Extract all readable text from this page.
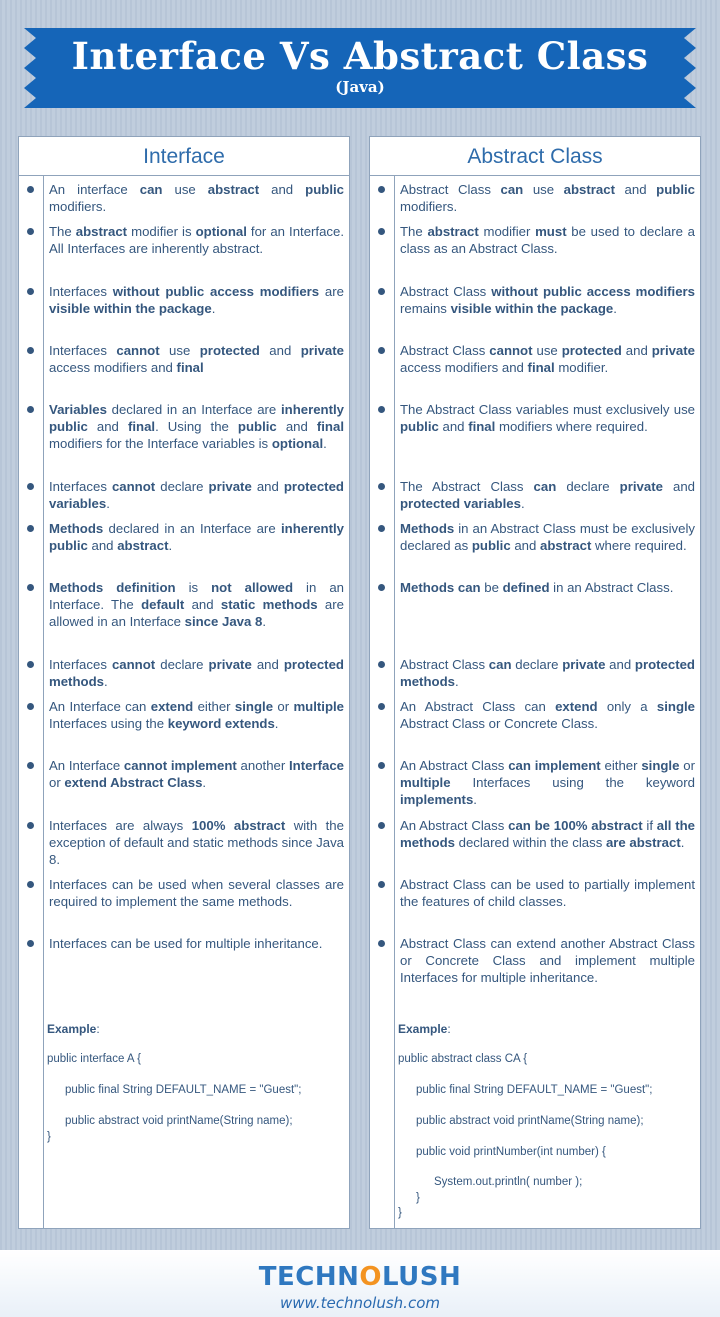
Interface Vs Abstract Class
(Java)
Interface
An interface can use abstract and public modifiers.
The abstract modifier is optional for an Interface. All Interfaces are inherently abstract.
Interfaces without public access modifiers are visible within the package.
Interfaces cannot use protected and private access modifiers and final
Variables declared in an Interface are inherently public and final. Using the public and final modifiers for the Interface variables is optional.
Interfaces cannot declare private and protected variables.
Methods declared in an Interface are inherently public and abstract.
Methods definition is not allowed in an Interface. The default and static methods are allowed in an Interface since Java 8.
Interfaces cannot declare private and protected methods.
An Interface can extend either single or multiple Interfaces using the keyword extends.
An Interface cannot implement another Interface or extend Abstract Class.
Interfaces are always 100% abstract with the exception of default and static methods since Java 8.
Interfaces can be used when several classes are required to implement the same methods.
Interfaces can be used for multiple inheritance.
Example:
public interface A {
public final String DEFAULT_NAME = "Guest";
public abstract void printName(String name);
}
Abstract Class
Abstract Class can use abstract and public modifiers.
The abstract modifier must be used to declare a class as an Abstract Class.
Abstract Class without public access modifiers remains visible within the package.
Abstract Class cannot use protected and private access modifiers and final modifier.
The Abstract Class variables must exclusively use public and final modifiers where required.
The Abstract Class can declare private and protected variables.
Methods in an Abstract Class must be exclusively declared as public and abstract where required.
Methods can be defined in an Abstract Class.
Abstract Class can declare private and protected methods.
An Abstract Class can extend only a single Abstract Class or Concrete Class.
An Abstract Class can implement either single or multiple Interfaces using the keyword implements.
An Abstract Class can be 100% abstract if all the methods declared within the class are abstract.
Abstract Class can be used to partially implement the features of child classes.
Abstract Class can extend another Abstract Class or Concrete Class and implement multiple Interfaces for multiple inheritance.
Example:
public abstract class CA {
public final String DEFAULT_NAME = "Guest";
public abstract void printName(String name);
public void printNumber(int number) {
System.out.println( number );
}
}
TECHNOLUSH
www.technolush.com
